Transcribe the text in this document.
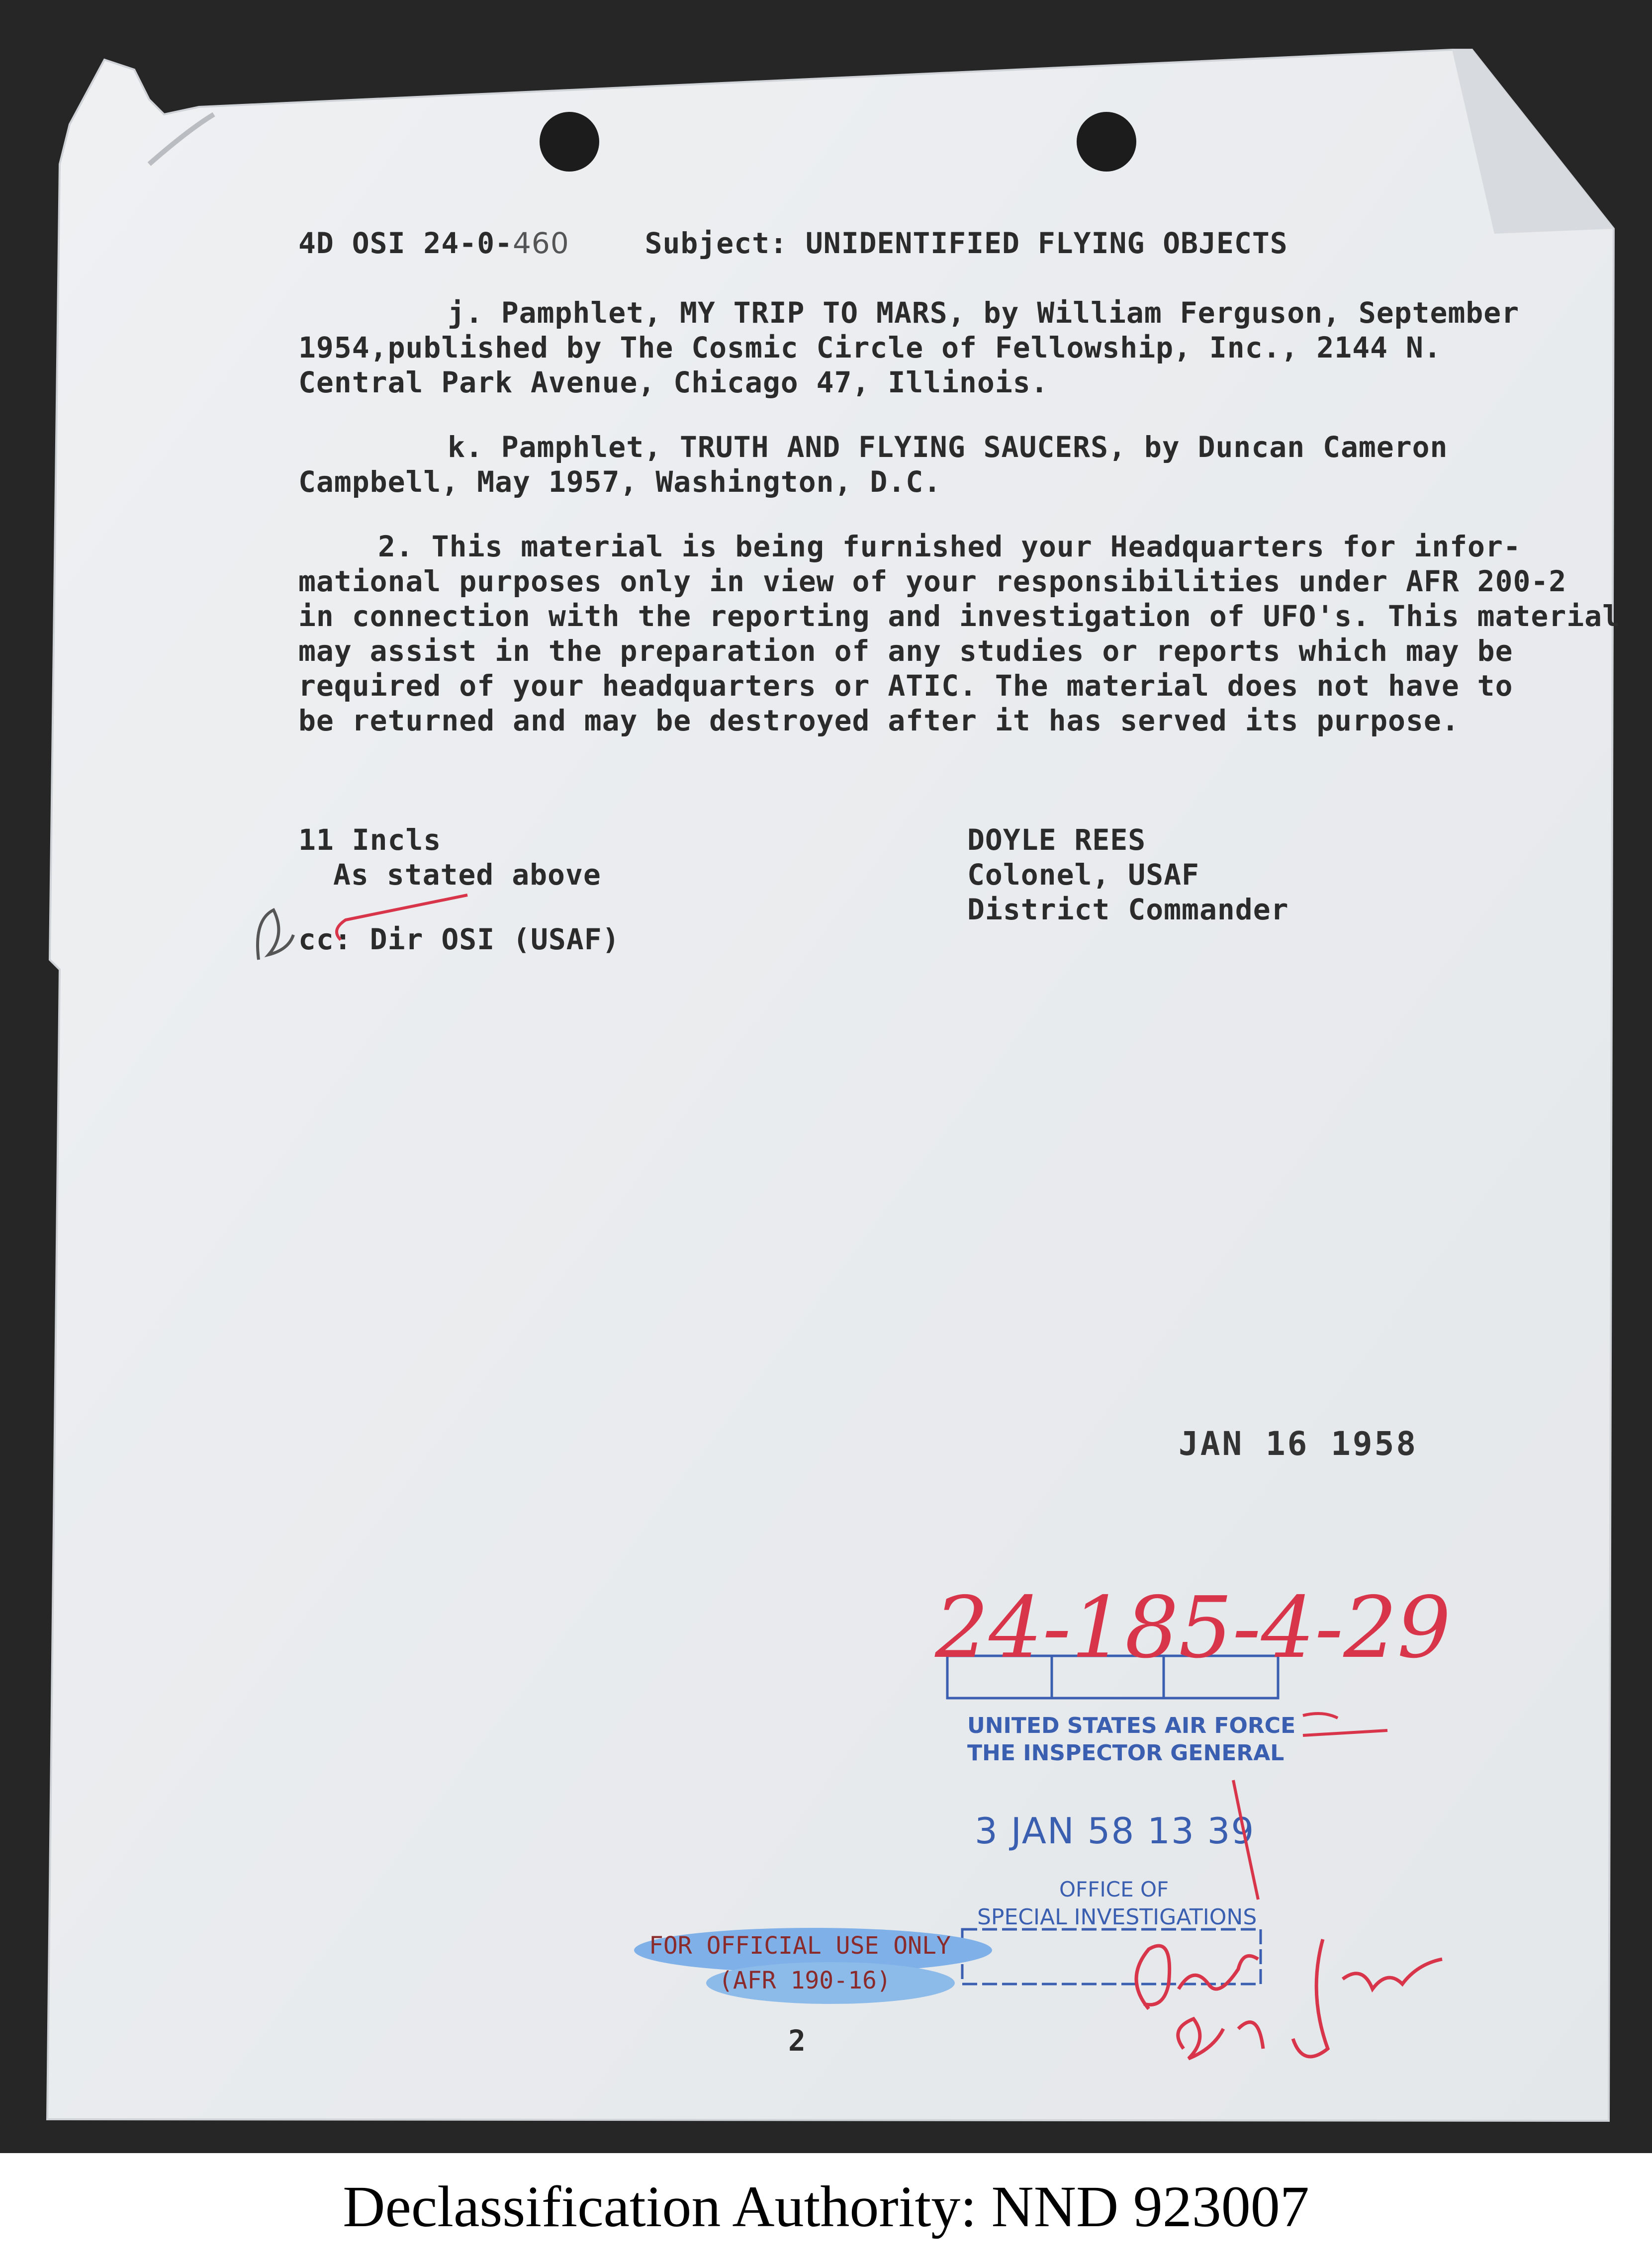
4D OSI 24-0-460	Subject: UNIDENTIFIED FLYING OBJECTS
j. Pamphlet, MY TRIP TO MARS, by William Ferguson, September
1954,published by The Cosmic Circle of Fellowship, Inc., 2144 N.
Central Park Avenue, Chicago 47, Illinois.
k. Pamphlet, TRUTH AND FLYING SAUCERS, by Duncan Cameron
Campbell, May 1957, Washington, D.C.
2. This material is being furnished your Headquarters for infor-
mational purposes only in view of your responsibilities under AFR 200-2
in connection with the reporting and investigation of UFO's. This material
may assist in the preparation of any studies or reports which may be
required of your headquarters or ATIC. The material does not have to
be returned and may be destroyed after it has served its purpose.
11 Incls
As stated above
cc: Dir OSI (USAF)
DOYLE REES
Colonel, USAF
District Commander
JAN 16 1958
24-185-4-29
UNITED STATES AIR FORCE
THE INSPECTOR GENERAL
3 JAN 58 13 39
OFFICE OF
SPECIAL INVESTIGATIONS
FOR OFFICIAL USE ONLY
(AFR 190-16)
2
Declassification Authority: NND 923007
